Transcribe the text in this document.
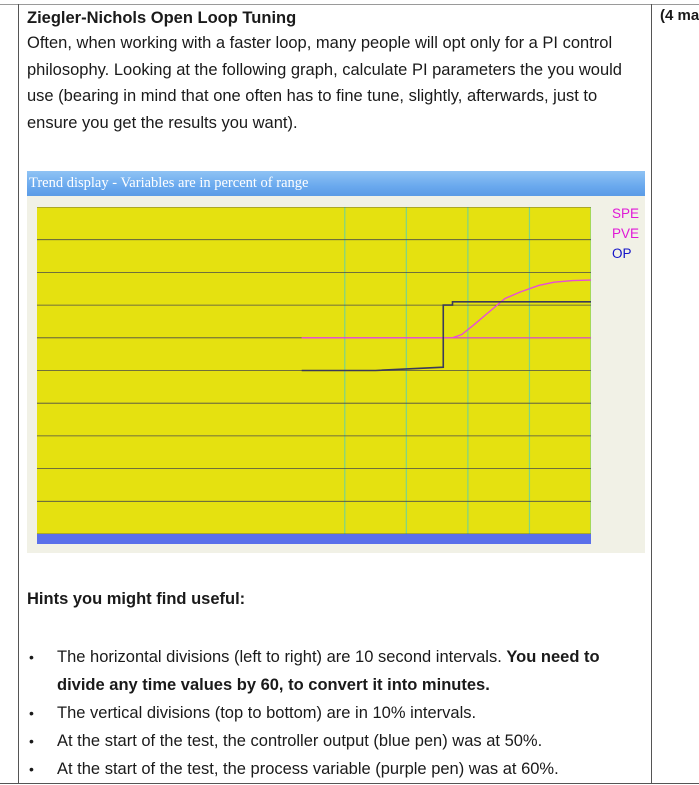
(4 ma

Ziegler-Nichols Open Loop Tuning

Often, when working with a faster loop, many people will opt only for a PI control philosophy. Looking at the following graph, calculate PI parameters the you would use (bearing in mind that one often has to fine tune, slightly, afterwards, just to ensure you get the results you want).

Trend display - Variables are in percent of range
SPE
PVE
OP

Hints you might find useful:

• The horizontal divisions (left to right) are 10 second intervals. You need to divide any time values by 60, to convert it into minutes.
• The vertical divisions (top to bottom) are in 10% intervals.
• At the start of the test, the controller output (blue pen) was at 50%.
• At the start of the test, the process variable (purple pen) was at 60%.
